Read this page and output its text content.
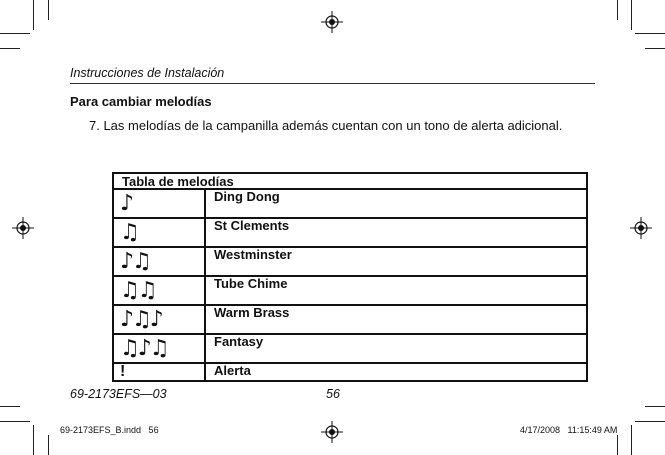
Instrucciones de Instalación
Para cambiar melodías
7. Las melodías de la campanilla además cuentan con un tono de alerta adicional.
Tabla de melodías	
♪	Ding Dong
♫	St Clements
♪♫	Westminster
♫♫	Tube Chime
♪♫♪	Warm Brass
♫♪♫	Fantasy
!	Alerta
69-2173EFS—03	56
69-2173EFS_B.indd   56	4/17/2008   11:15:49 AM
